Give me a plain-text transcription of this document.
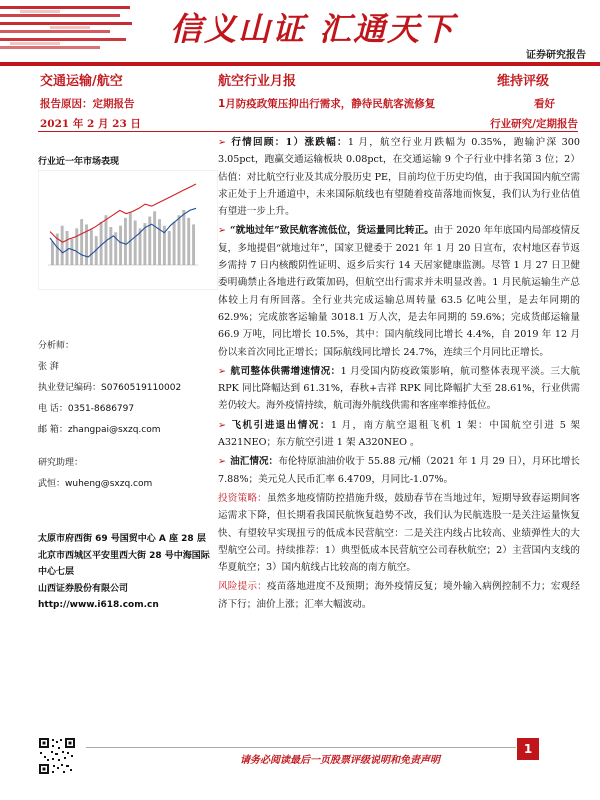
信义山证 汇通天下
证券研究报告
交通运输/航空	航空行业月报	维持评级
报告原因：定期报告	1月防疫政策压抑出行需求，静待民航客流修复	看好
2021 年 2 月 23 日	行业研究/定期报告
行业近一年市场表现
分析师：
张 湃
执业登记编码：S0760519110002
电 话：0351-8686797
邮 箱：zhangpai@sxzq.com
研究助理：
武恒：wuheng@sxzq.com
太原市府西街 69 号国贸中心 A 座 28 层
北京市西城区平安里西大街 28 号中海国际中心七层
山西证券股份有限公司
http://www.i618.com.cn

➢ 行情回顾：1）涨跌幅：1 月，航空行业月跌幅为 0.35%，跑输沪深 300 3.05pct，跑赢交通运输板块 0.08pct，在交通运输 9 个子行业中排名第 3 位；2）估值：对比航空行业及其成分股历史 PE，目前均位于历史均值，由于我国国内航空需求正处于上升通道中，未来国际航线也有望随着疫苗落地而恢复，我们认为行业估值有望进一步上升。

➢ “就地过年”致民航客流低位，货运量同比转正。由于 2020 年年底国内局部疫情反复，多地提倡“就地过年”，国家卫健委于 2021 年 1 月 20 日宣布，农村地区春节返乡需持 7 日内核酸阴性证明、返乡后实行 14 天居家健康监测。尽管 1 月 27 日卫健委明确禁止各地进行政策加码，但航空出行需求并未明显改善。1 月民航运输生产总体较上月有所回落。全行业共完成运输总周转量 63.5 亿吨公里，是去年同期的 62.9%；完成旅客运输量 3018.1 万人次，是去年同期的 59.6%；完成货邮运输量 66.9 万吨，同比增长 10.5%，其中：国内航线同比增长 4.4%，自 2019 年 12 月份以来首次同比正增长；国际航线同比增长 24.7%，连续三个月同比正增长。

➢ 航司整体供需增速情况：1 月受国内防疫政策影响，航司整体表现平淡。三大航 RPK 同比降幅达到 61.31%，春秋+吉祥 RPK 同比降幅扩大至 28.61%，行业供需差仍较大。海外疫情持续，航司海外航线供需和客座率维持低位。

➢ 飞机引进退出情况：1 月，南方航空退租飞机 1 架：中国航空引进 5 架 A321NEO；东方航空引进 1 架 A320NEO 。

➢ 油汇情况：布伦特原油油价收于 55.88 元/桶（2021 年 1 月 29 日），月环比增长 7.88%；美元兑人民币汇率 6.4709，月同比-1.07%。

投资策略：虽然多地疫情防控措施升级，鼓励春节在当地过年，短期导致春运期间客运需求下降，但长期看我国民航恢复趋势不改，我们认为民航选股一是关注运量恢复快、有望较早实现扭亏的低成本民营航空：二是关注内线占比较高、业绩弹性大的大型航空公司。持续推荐：1）典型低成本民营航空公司春秋航空；2）主营国内支线的华夏航空；3）国内航线占比较高的南方航空。

风险提示：疫苗落地进度不及预期；海外疫情反复；境外输入病例控制不力；宏观经济下行；油价上涨；汇率大幅波动。

请务必阅读最后一页股票评级说明和免责声明
1
